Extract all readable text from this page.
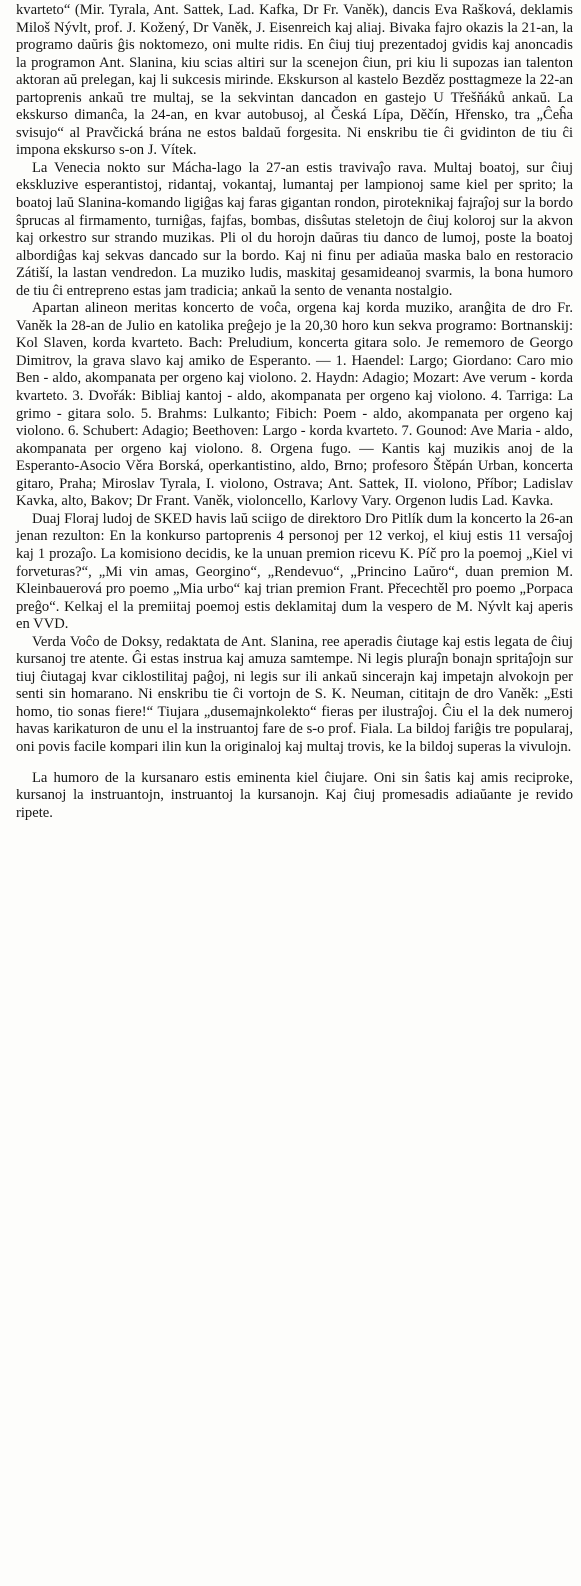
kvarteto“ (Mir. Tyrala, Ant. Sattek, Lad. Kafka, Dr Fr. Vaněk), dancis Eva Rašková, deklamis Miloš Nývlt, prof. J. Kožený, Dr Vaněk, J. Eisenreich kaj aliaj. Bivaka fajro okazis la 21-an, la programo daŭris ĝis noktomezo, oni multe ridis. En ĉiuj tiuj prezentadoj gvidis kaj anoncadis la programon Ant. Slanina, kiu scias altiri sur la scenejon ĉiun, pri kiu li supozas ian talenton aktoran aŭ prelegan, kaj li sukcesis mirinde. Ekskurson al kastelo Bezděz posttagmeze la 22-an partoprenis ankaŭ tre multaj, se la sekvintan dancadon en gastejo U Třešňáků ankaŭ. La ekskurso dimanĉa, la 24-an, en kvar autobusoj, al Česká Lípa, Děčín, Hřensko, tra „Ĉeĥa svisujo“ al Pravčická brána ne estos baldaŭ forgesita. Ni enskribu tie ĉi gvidinton de tiu ĉi impona ekskurso s-on J. Vítek.

La Venecia nokto sur Mácha-lago la 27-an estis travivaĵo rava. Multaj boatoj, sur ĉiuj ekskluzive esperantistoj, ridantaj, vokantaj, lumantaj per lampionoj same kiel per sprito; la boatoj laŭ Slanina-komando ligiĝas kaj faras gigantan rondon, piroteknikaj fajraĵoj sur la bordo ŝprucas al firmamento, turniĝas, fajfas, bombas, disŝutas steletojn de ĉiuj koloroj sur la akvon kaj orkestro sur strando muzikas. Pli ol du horojn daŭras tiu danco de lumoj, poste la boatoj albordiĝas kaj sekvas dancado sur la bordo. Kaj ni finu per adiaŭa maska balo en restoracio Zátiší, la lastan vendredon. La muziko ludis, maskitaj gesamideanoj svarmis, la bona humoro de tiu ĉi entrepreno estas jam tradicia; ankaŭ la sento de venanta nostalgio.

Apartan alineon meritas koncerto de voĉa, orgena kaj korda muziko, aranĝita de dro Fr. Vaněk la 28-an de Julio en katolika preĝejo je la 20,30 horo kun sekva programo: Bortnanskij: Kol Slaven, korda kvarteto. Bach: Preludium, koncerta gitara solo. Je rememoro de Georgo Dimitrov, la grava slavo kaj amiko de Esperanto. — 1. Haendel: Largo; Giordano: Caro mio Ben - aldo, akompanata per orgeno kaj violono. 2. Haydn: Adagio; Mozart: Ave verum - korda kvarteto. 3. Dvořák: Bibliaj kantoj - aldo, akompanata per orgeno kaj violono. 4. Tarriga: La grimo - gitara solo. 5. Brahms: Lulkanto; Fibich: Poem - aldo, akompanata per orgeno kaj violono. 6. Schubert: Adagio; Beethoven: Largo - korda kvarteto. 7. Gounod: Ave Maria - aldo, akompanata per orgeno kaj violono. 8. Orgena fugo. — Kantis kaj muzikis anoj de la Esperanto-Asocio Věra Borská, operkantistino, aldo, Brno; profesoro Štěpán Urban, koncerta gitaro, Praha; Miroslav Tyrala, I. violono, Ostrava; Ant. Sattek, II. violono, Příbor; Ladislav Kavka, alto, Bakov; Dr Frant. Vaněk, violoncello, Karlovy Vary. Orgenon ludis Lad. Kavka.

Duaj Floraj ludoj de SKED havis laŭ sciigo de direktoro Dro Pitlík dum la koncerto la 26-an jenan rezulton: En la konkurso partoprenis 4 personoj per 12 verkoj, el kiuj estis 11 versaĵoj kaj 1 prozaĵo. La komisiono decidis, ke la unuan premion ricevu K. Píč pro la poemoj „Kiel vi forveturas?“, „Mi vin amas, Georgino“, „Rendevuo“, „Princino Laŭro“, duan premion M. Kleinbauerová pro poemo „Mia urbo“ kaj trian premion Frant. Přecechtěl pro poemo „Porpaca preĝo“. Kelkaj el la premiitaj poemoj estis deklamitaj dum la vespero de M. Nývlt kaj aperis en VVD.

Verda Voĉo de Doksy, redaktata de Ant. Slanina, ree aperadis ĉiutage kaj estis legata de ĉiuj kursanoj tre atente. Ĝi estas instrua kaj amuza samtempe. Ni legis pluraĵn bonajn spritaĵojn sur tiuj ĉiutagaj kvar ciklostilitaj paĝoj, ni legis sur ili ankaŭ sincerajn kaj impetajn alvokojn per senti sin homarano. Ni enskribu tie ĉi vortojn de S. K. Neuman, cititajn de dro Vaněk: „Esti homo, tio sonas fiere!“ Tiujara „dusemajnkolekto“ fieras per ilustraĵoj. Ĉiu el la dek numeroj havas karikaturon de unu el la instruantoj fare de s-o prof. Fiala. La bildoj fariĝis tre popularaj, oni povis facile kompari ilin kun la originaloj kaj multaj trovis, ke la bildoj superas la vivulojn.

La humoro de la kursanaro estis eminenta kiel ĉiujare. Oni sin ŝatis kaj amis reciproke, kursanoj la instruantojn, instruantoj la kursanojn. Kaj ĉiuj promesadis adiaŭante je revido ripete.
